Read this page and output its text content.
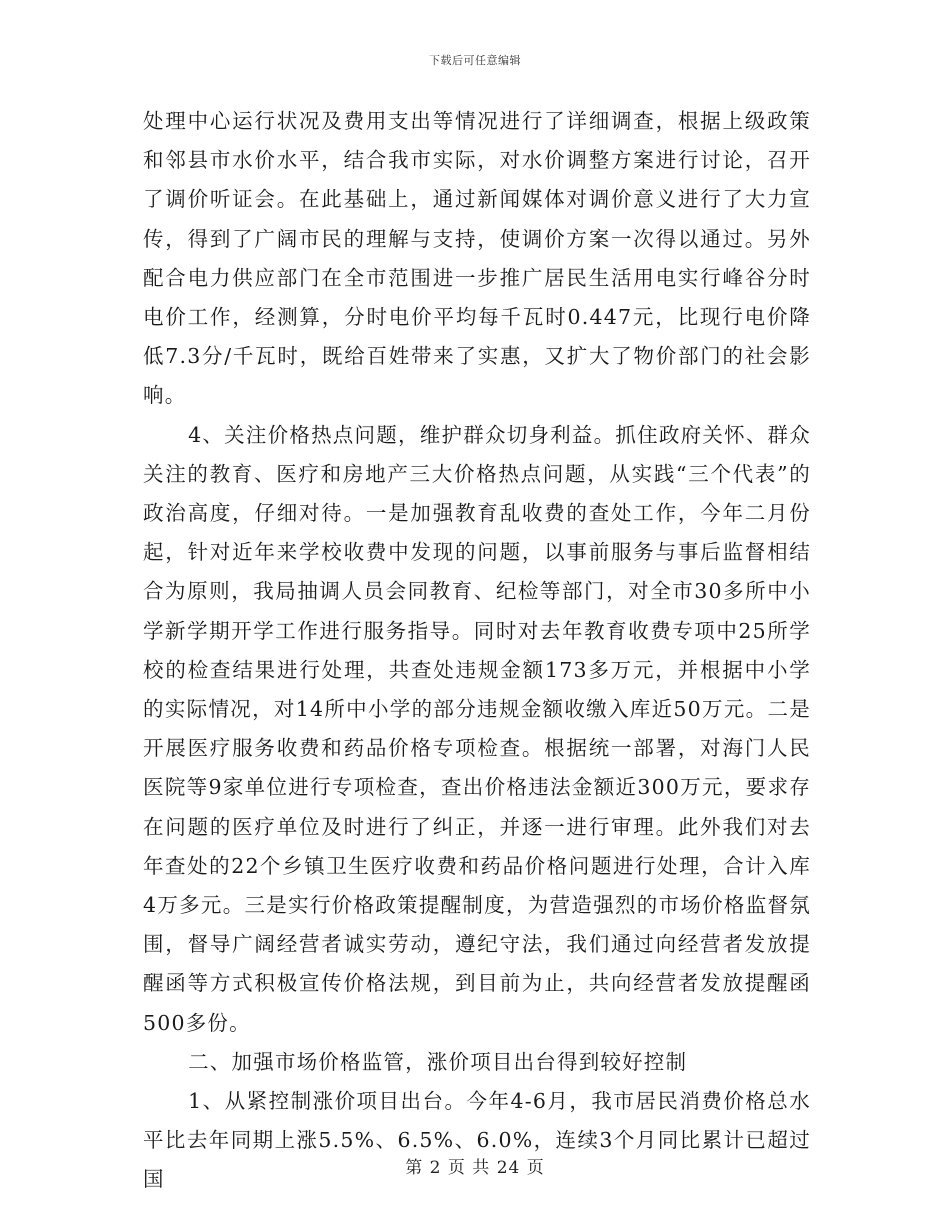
下载后可任意编辑

处理中心运行状况及费用支出等情况进行了详细调查，根据上级政策和邻县市水价水平，结合我市实际，对水价调整方案进行讨论，召开了调价听证会。在此基础上，通过新闻媒体对调价意义进行了大力宣传，得到了广阔市民的理解与支持，使调价方案一次得以通过。另外配合电力供应部门在全市范围进一步推广居民生活用电实行峰谷分时电价工作，经测算，分时电价平均每千瓦时0.447元，比现行电价降低7.3分/千瓦时，既给百姓带来了实惠，又扩大了物价部门的社会影响。

4、关注价格热点问题，维护群众切身利益。抓住政府关怀、群众关注的教育、医疗和房地产三大价格热点问题，从实践“三个代表”的政治高度，仔细对待。一是加强教育乱收费的查处工作，今年二月份起，针对近年来学校收费中发现的问题，以事前服务与事后监督相结合为原则，我局抽调人员会同教育、纪检等部门，对全市30多所中小学新学期开学工作进行服务指导。同时对去年教育收费专项中25所学校的检查结果进行处理，共查处违规金额173多万元，并根据中小学的实际情况，对14所中小学的部分违规金额收缴入库近50万元。二是开展医疗服务收费和药品价格专项检查。根据统一部署，对海门人民医院等9家单位进行专项检查，查出价格违法金额近300万元，要求存在问题的医疗单位及时进行了纠正，并逐一进行审理。此外我们对去年查处的22个乡镇卫生医疗收费和药品价格问题进行处理，合计入库4万多元。三是实行价格政策提醒制度，为营造强烈的市场价格监督氛围，督导广阔经营者诚实劳动，遵纪守法，我们通过向经营者发放提醒函等方式积极宣传价格法规，到目前为止，共向经营者发放提醒函500多份。

二、加强市场价格监管，涨价项目出台得到较好控制

1、从紧控制涨价项目出台。今年4-6月，我市居民消费价格总水平比去年同期上涨5.5%、6.5%、6.0%，连续3个月同比累计已超过国	第 2 页 共 24 页
